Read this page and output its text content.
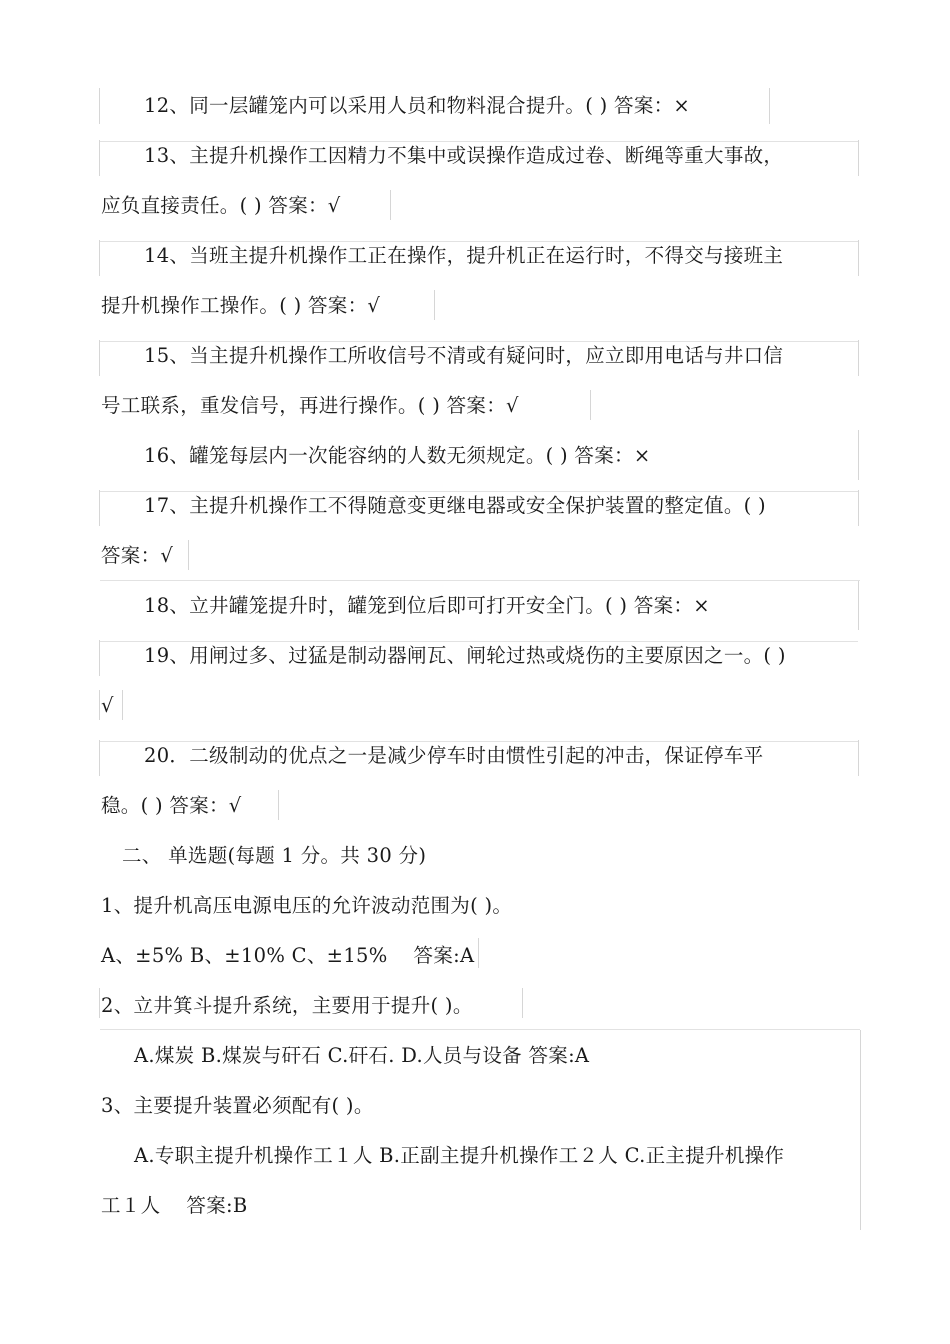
12、同一层罐笼内可以采用人员和物料混合提升。( ) 答案：×
13、主提升机操作工因精力不集中或误操作造成过卷、断绳等重大事故，
应负直接责任。( ) 答案：√
14、当班主提升机操作工正在操作，提升机正在运行时，不得交与接班主
提升机操作工操作。( ) 答案：√
15、当主提升机操作工所收信号不清或有疑问时，应立即用电话与井口信
号工联系，重发信号，再进行操作。( ) 答案：√
16、罐笼每层内一次能容纳的人数无须规定。( ) 答案：×
17、主提升机操作工不得随意变更继电器或安全保护装置的整定值。( )
答案：√
18、立井罐笼提升时，罐笼到位后即可打开安全门。( ) 答案：×
19、用闸过多、过猛是制动器闸瓦、闸轮过热或烧伤的主要原因之一。( )
√
20．二级制动的优点之一是减少停车时由惯性引起的冲击，保证停车平
稳。( ) 答案：√
二、 单选题(每题 1 分。共 30 分)
1、提升机高压电源电压的允许波动范围为( )。
A、±5% B、±10% C、±15%    答案:A
2、立井箕斗提升系统，主要用于提升( )。
A.煤炭 B.煤炭与矸石 C.矸石. D.人员与设备 答案:A
3、主要提升装置必须配有( )。
A.专职主提升机操作工１人 B.正副主提升机操作工２人 C.正主提升机操作
工１人    答案:B
